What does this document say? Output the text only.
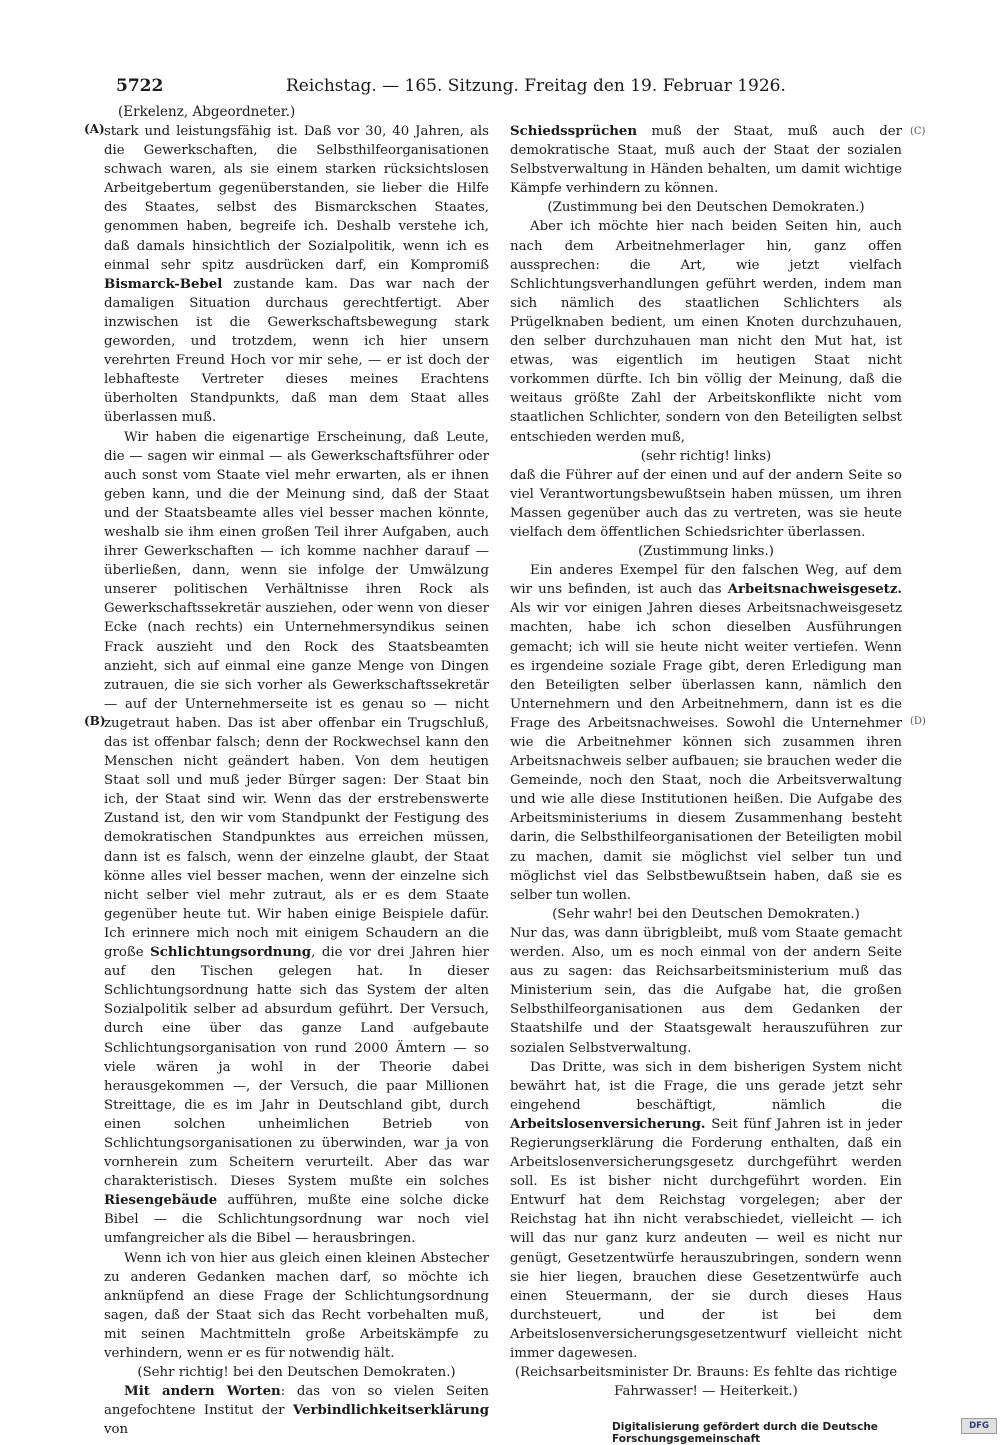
5722	Reichstag. — 165. Sitzung. Freitag den 19. Februar 1926.
(Erkelenz, Abgeordneter.)
(A)
(B)
(C)
(D)

stark und leistungsfähig ist. Daß vor 30, 40 Jahren, als die Gewerkschaften, die Selbsthilfeorganisationen schwach waren, als sie einem starken rücksichtslosen Arbeitgebertum gegenüberstanden, sie lieber die Hilfe des Staates, selbst des Bismarckschen Staates, genommen haben, begreife ich. Deshalb verstehe ich, daß damals hinsichtlich der Sozialpolitik, wenn ich es einmal sehr spitz ausdrücken darf, ein Kompromiß Bismarck-Bebel zustande kam. Das war nach der damaligen Situation durchaus gerechtfertigt. Aber inzwischen ist die Gewerkschaftsbewegung stark geworden, und trotzdem, wenn ich hier unsern verehrten Freund Hoch vor mir sehe, — er ist doch der lebhafteste Vertreter dieses meines Erachtens überholten Standpunkts, daß man dem Staat alles überlassen muß.

Wir haben die eigenartige Erscheinung, daß Leute, die — sagen wir einmal — als Gewerkschaftsführer oder auch sonst vom Staate viel mehr erwarten, als er ihnen geben kann, und die der Meinung sind, daß der Staat und der Staatsbeamte alles viel besser machen könnte, weshalb sie ihm einen großen Teil ihrer Aufgaben, auch ihrer Gewerkschaften — ich komme nachher darauf — überließen, dann, wenn sie infolge der Umwälzung unserer politischen Verhältnisse ihren Rock als Gewerkschaftssekretär ausziehen, oder wenn von dieser Ecke (nach rechts) ein Unternehmersyndikus seinen Frack auszieht und den Rock des Staatsbeamten anzieht, sich auf einmal eine ganze Menge von Dingen zutrauen, die sie sich vorher als Gewerkschaftssekretär — auf der Unternehmerseite ist es genau so — nicht zugetraut haben. Das ist aber offenbar ein Trugschluß, das ist offenbar falsch; denn der Rockwechsel kann den Menschen nicht geändert haben. Von dem heutigen Staat soll und muß jeder Bürger sagen: Der Staat bin ich, der Staat sind wir. Wenn das der erstrebenswerte Zustand ist, den wir vom Standpunkt der Festigung des demokratischen Standpunktes aus erreichen müssen, dann ist es falsch, wenn der einzelne glaubt, der Staat könne alles viel besser machen, wenn der einzelne sich nicht selber viel mehr zutraut, als er es dem Staate gegenüber heute tut. Wir haben einige Beispiele dafür. Ich erinnere mich noch mit einigem Schaudern an die große Schlichtungsordnung, die vor drei Jahren hier auf den Tischen gelegen hat. In dieser Schlichtungsordnung hatte sich das System der alten Sozialpolitik selber ad absurdum geführt. Der Versuch, durch eine über das ganze Land aufgebaute Schlichtungsorganisation von rund 2000 Ämtern — so viele wären ja wohl in der Theorie dabei herausgekommen —, der Versuch, die paar Millionen Streittage, die es im Jahr in Deutschland gibt, durch einen solchen unheimlichen Betrieb von Schlichtungsorganisationen zu überwinden, war ja von vornherein zum Scheitern verurteilt. Aber das war charakteristisch. Dieses System mußte ein solches Riesengebäude aufführen, mußte eine solche dicke Bibel — die Schlichtungsordnung war noch viel umfangreicher als die Bibel — herausbringen.

Wenn ich von hier aus gleich einen kleinen Abstecher zu anderen Gedanken machen darf, so möchte ich anknüpfend an diese Frage der Schlichtungsordnung sagen, daß der Staat sich das Recht vorbehalten muß, mit seinen Machtmitteln große Arbeitskämpfe zu verhindern, wenn er es für notwendig hält.

(Sehr richtig! bei den Deutschen Demokraten.)

Mit andern Worten: das von so vielen Seiten angefochtene Institut der Verbindlichkeitserklärung von

Schiedssprüchen muß der Staat, muß auch der demokratische Staat, muß auch der Staat der sozialen Selbstverwaltung in Händen behalten, um damit wichtige Kämpfe verhindern zu können.

(Zustimmung bei den Deutschen Demokraten.)

Aber ich möchte hier nach beiden Seiten hin, auch nach dem Arbeitnehmerlager hin, ganz offen aussprechen: die Art, wie jetzt vielfach Schlichtungsverhandlungen geführt werden, indem man sich nämlich des staatlichen Schlichters als Prügelknaben bedient, um einen Knoten durchzuhauen, den selber durchzuhauen man nicht den Mut hat, ist etwas, was eigentlich im heutigen Staat nicht vorkommen dürfte. Ich bin völlig der Meinung, daß die weitaus größte Zahl der Arbeitskonflikte nicht vom staatlichen Schlichter, sondern von den Beteiligten selbst entschieden werden muß,

(sehr richtig! links)

daß die Führer auf der einen und auf der andern Seite so viel Verantwortungsbewußtsein haben müssen, um ihren Massen gegenüber auch das zu vertreten, was sie heute vielfach dem öffentlichen Schiedsrichter überlassen.

(Zustimmung links.)

Ein anderes Exempel für den falschen Weg, auf dem wir uns befinden, ist auch das Arbeitsnachweisgesetz. Als wir vor einigen Jahren dieses Arbeitsnachweisgesetz machten, habe ich schon dieselben Ausführungen gemacht; ich will sie heute nicht weiter vertiefen. Wenn es irgendeine soziale Frage gibt, deren Erledigung man den Beteiligten selber überlassen kann, nämlich den Unternehmern und den Arbeitnehmern, dann ist es die Frage des Arbeitsnachweises. Sowohl die Unternehmer wie die Arbeitnehmer können sich zusammen ihren Arbeitsnachweis selber aufbauen; sie brauchen weder die Gemeinde, noch den Staat, noch die Arbeitsverwaltung und wie alle diese Institutionen heißen. Die Aufgabe des Arbeitsministeriums in diesem Zusammenhang besteht darin, die Selbsthilfeorganisationen der Beteiligten mobil zu machen, damit sie möglichst viel selber tun und möglichst viel das Selbstbewußtsein haben, daß sie es selber tun wollen.

(Sehr wahr! bei den Deutschen Demokraten.)

Nur das, was dann übrigbleibt, muß vom Staate gemacht werden. Also, um es noch einmal von der andern Seite aus zu sagen: das Reichsarbeitsministerium muß das Ministerium sein, das die Aufgabe hat, die großen Selbsthilfeorganisationen aus dem Gedanken der Staatshilfe und der Staatsgewalt herauszuführen zur sozialen Selbstverwaltung.

Das Dritte, was sich in dem bisherigen System nicht bewährt hat, ist die Frage, die uns gerade jetzt sehr eingehend beschäftigt, nämlich die Arbeitslosenversicherung. Seit fünf Jahren ist in jeder Regierungserklärung die Forderung enthalten, daß ein Arbeitslosenversicherungsgesetz durchgeführt werden soll. Es ist bisher nicht durchgeführt worden. Ein Entwurf hat dem Reichstag vorgelegen; aber der Reichstag hat ihn nicht verabschiedet, vielleicht — ich will das nur ganz kurz andeuten — weil es nicht nur genügt, Gesetzentwürfe herauszubringen, sondern wenn sie hier liegen, brauchen diese Gesetzentwürfe auch einen Steuermann, der sie durch dieses Haus durchsteuert, und der ist bei dem Arbeitslosenversicherungsgesetzentwurf vielleicht nicht immer dagewesen.

(Reichsarbeitsminister Dr. Brauns: Es fehlte das richtige Fahrwasser! — Heiterkeit.)

Digitalisierung gefördert durch die Deutsche Forschungsgemeinschaft
DFG
